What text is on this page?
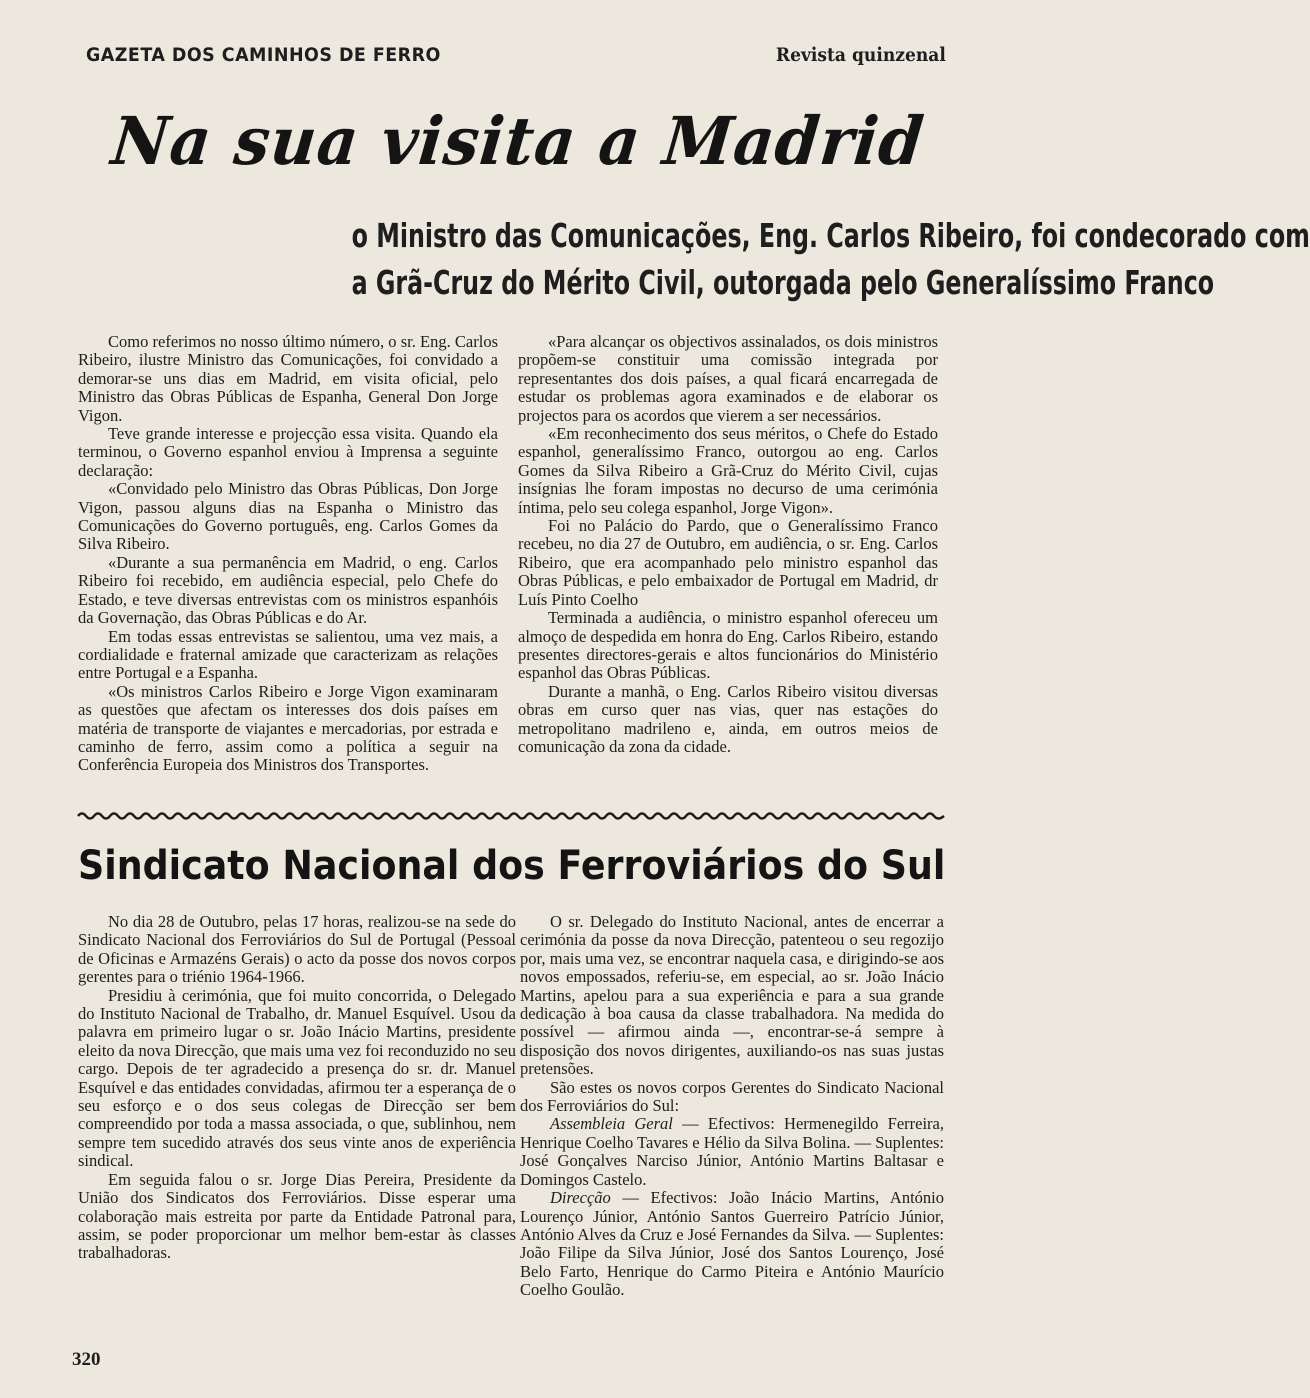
GAZETA DOS CAMINHOS DE FERRO	Revista quinzenal
Na sua visita a Madrid
o Ministro das Comunicações, Eng. Carlos Ribeiro, foi condecorado com
a Grã-Cruz do Mérito Civil, outorgada pelo Generalíssimo Franco

Como referimos no nosso último número, o sr. Eng. Carlos Ribeiro, ilustre Ministro das Comunicações, foi convidado a demorar-se uns dias em Madrid, em visita oficial, pelo Ministro das Obras Públicas de Espanha, General Don Jorge Vigon.

Teve grande interesse e projecção essa visita. Quando ela terminou, o Governo espanhol enviou à Imprensa a seguinte declaração:

«Convidado pelo Ministro das Obras Públicas, Don Jorge Vigon, passou alguns dias na Espanha o Ministro das Comunicações do Governo português, eng. Carlos Gomes da Silva Ribeiro.

«Durante a sua permanência em Madrid, o eng. Carlos Ribeiro foi recebido, em audiência especial, pelo Chefe do Estado, e teve diversas entrevistas com os ministros espanhóis da Governação, das Obras Públicas e do Ar.

Em todas essas entrevistas se salientou, uma vez mais, a cordialidade e fraternal amizade que caracterizam as relações entre Portugal e a Espanha.

«Os ministros Carlos Ribeiro e Jorge Vigon examinaram as questões que afectam os interesses dos dois países em matéria de transporte de viajantes e mercadorias, por estrada e caminho de ferro, assim como a política a seguir na Conferência Europeia dos Ministros dos Transportes.

«Para alcançar os objectivos assinalados, os dois ministros propõem-se constituir uma comissão integrada por representantes dos dois países, a qual ficará encarregada de estudar os problemas agora examinados e de elaborar os projectos para os acordos que vierem a ser necessários.

«Em reconhecimento dos seus méritos, o Chefe do Estado espanhol, generalíssimo Franco, outorgou ao eng. Carlos Gomes da Silva Ribeiro a Grã-Cruz do Mérito Civil, cujas insígnias lhe foram impostas no decurso de uma cerimónia íntima, pelo seu colega espanhol, Jorge Vigon».

Foi no Palácio do Pardo, que o Generalíssimo Franco recebeu, no dia 27 de Outubro, em audiência, o sr. Eng. Carlos Ribeiro, que era acompanhado pelo ministro espanhol das Obras Públicas, e pelo embaixador de Portugal em Madrid, dr Luís Pinto Coelho

Terminada a audiência, o ministro espanhol ofereceu um almoço de despedida em honra do Eng. Carlos Ribeiro, estando presentes directores-gerais e altos funcionários do Ministério espanhol das Obras Públicas.

Durante a manhã, o Eng. Carlos Ribeiro visitou diversas obras em curso quer nas vias, quer nas estações do metropolitano madrileno e, ainda, em outros meios de comunicação da zona da cidade.

Sindicato Nacional dos Ferroviários do Sul

No dia 28 de Outubro, pelas 17 horas, realizou-se na sede do Sindicato Nacional dos Ferroviários do Sul de Portugal (Pessoal de Oficinas e Armazéns Gerais) o acto da posse dos novos corpos gerentes para o triénio 1964-1966.

Presidiu à cerimónia, que foi muito concorrida, o Delegado do Instituto Nacional de Trabalho, dr. Manuel Esquível. Usou da palavra em primeiro lugar o sr. João Inácio Martins, presidente eleito da nova Direcção, que mais uma vez foi reconduzido no seu cargo. Depois de ter agradecido a presença do sr. dr. Manuel Esquível e das entidades convidadas, afirmou ter a esperança de o seu esforço e o dos seus colegas de Direcção ser bem compreendido por toda a massa associada, o que, sublinhou, nem sempre tem sucedido através dos seus vinte anos de experiência sindical.

Em seguida falou o sr. Jorge Dias Pereira, Presidente da União dos Sindicatos dos Ferroviários. Disse esperar uma colaboração mais estreita por parte da Entidade Patronal para, assim, se poder proporcionar um melhor bem-estar às classes trabalhadoras.

O sr. Delegado do Instituto Nacional, antes de encerrar a cerimónia da posse da nova Direcção, patenteou o seu regozijo por, mais uma vez, se encontrar naquela casa, e dirigindo-se aos novos empossados, referiu-se, em especial, ao sr. João Inácio Martins, apelou para a sua experiência e para a sua grande dedicação à boa causa da classe trabalhadora. Na medida do possível — afirmou ainda —, encontrar-se-á sempre à disposição dos novos dirigentes, auxiliando-os nas suas justas pretensões.

São estes os novos corpos Gerentes do Sindicato Nacional dos Ferroviários do Sul:

Assembleia Geral — Efectivos: Hermenegildo Ferreira, Henrique Coelho Tavares e Hélio da Silva Bolina. — Suplentes: José Gonçalves Narciso Júnior, António Martins Baltasar e Domingos Castelo.

Direcção — Efectivos: João Inácio Martins, António Lourenço Júnior, António Santos Guerreiro Patrício Júnior, António Alves da Cruz e José Fernandes da Silva. — Suplentes: João Filipe da Silva Júnior, José dos Santos Lourenço, José Belo Farto, Henrique do Carmo Piteira e António Maurício Coelho Goulão.

320
